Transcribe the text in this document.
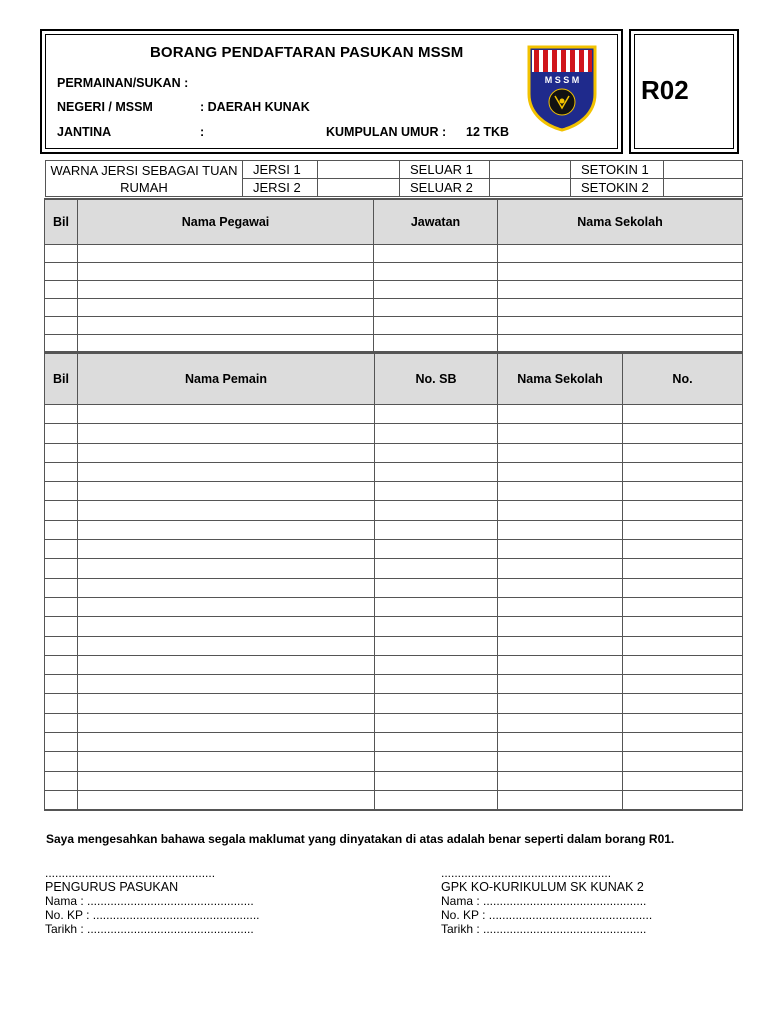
BORANG PENDAFTARAN PASUKAN MSSM
R02
PERMAINAN/SUKAN :
NEGERI / MSSM	: DAERAH KUNAK
JANTINA	:	KUMPULAN UMUR : 12 TKB
M S S M
WARNA JERSI SEBAGAI TUAN RUMAH	JERSI 1		SELUAR 1		SETOKIN 1	
	JERSI 2		SELUAR 2		SETOKIN 2	
Bil	Nama Pegawai	Jawatan	Nama Sekolah

Bil	Nama Pemain	No. SB	Nama Sekolah	No.

Saya mengesahkan bahawa segala maklumat yang dinyatakan di atas adalah benar seperti dalam borang R01.
...................................................
PENGURUS PASUKAN
Nama : ..................................................
No. KP : ..................................................
Tarikh : ..................................................
...................................................
GPK KO-KURIKULUM SK KUNAK 2
Nama : .................................................
No. KP : .................................................
Tarikh : .................................................
